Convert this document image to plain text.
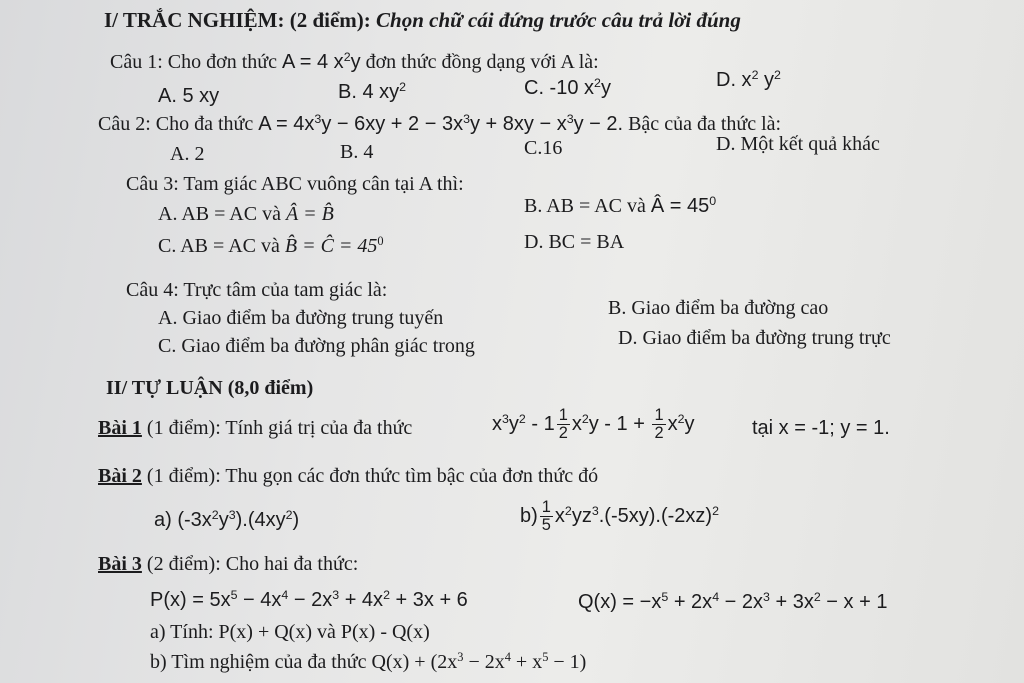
I/ TRẮC NGHIỆM: (2 điểm): Chọn chữ cái đứng trước câu trả lời đúng
Câu 1: Cho đơn thức A = 4 $x^2y$ đơn thức đồng dạng với A là:
A. 5 xy	B. 4 $xy^2$	C. -10 $x^2y$	D. $x^2$ $y^2$
Câu 2: Cho đa thức $A = 4x^3y - 6xy + 2 - 3x^3y + 8xy - x^3y - 2$. Bậc của đa thức là:
A. 2	B. 4	C.16	D. Một kết quả khác
Câu 3: Tam giác ABC vuông cân tại A thì:
A. AB = AC và Â = B̂	B. AB = AC và Â = $45^0$
C. AB = AC và B̂ = Ĉ = $45^0$	D. BC = BA
Câu 4: Trực tâm của tam giác là:
A. Giao điểm ba đường trung tuyến	B. Giao điểm ba đường cao
C. Giao điểm ba đường phân giác trong	D. Giao điểm ba đường trung trực
II/ TỰ LUẬN (8,0 điểm)
Bài 1 (1 điểm): Tính giá trị của đa thức	$x^3y^2 - 1 \frac{1}{2} x^2y - 1 + \frac{1}{2} x^2y$	tại x = -1; y = 1.
Bài 2 (1 điểm): Thu gọn các đơn thức tìm bậc của đơn thức đó
a) $(-3x^2y^3).(4xy^2)$	$b) \frac{1}{5} x^2yz^3.(-5xy).(-2xz)^2$
Bài 3 (2 điểm): Cho hai đa thức:
$P(x) = 5x^5 - 4x^4 - 2x^3 + 4x^2 + 3x + 6$	$Q(x) = -x^5 + 2x^4 - 2x^3 + 3x^2 - x + 1$
a) Tính: P(x) + Q(x) và P(x) - Q(x)
b) Tìm nghiệm của đa thức $Q(x) + (2x^3 - 2x^4 + x^5 - 1)$
